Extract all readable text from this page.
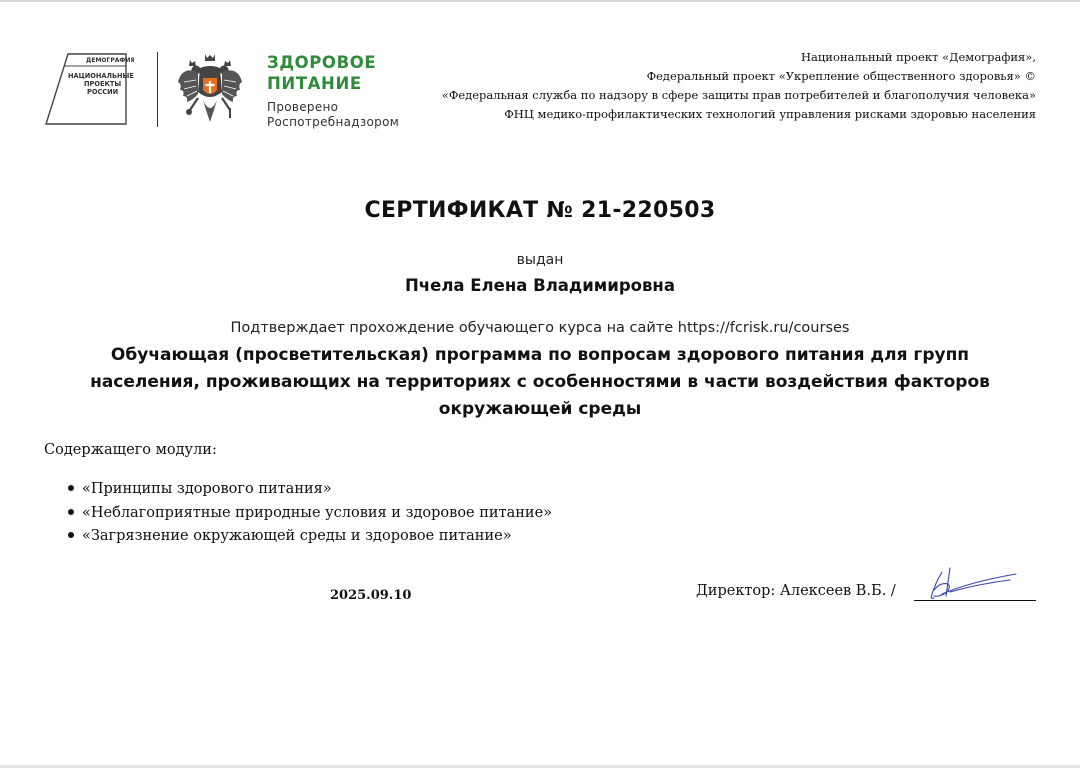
ДЕМОГРАФИЯ
НАЦИОНАЛЬНЫЕ
ПРОЕКТЫ
РОССИИ
ЗДОРОВОЕ
ПИТАНИЕ
Проверено
Роспотребнадзором
Национальный проект «Демография»,
Федеральный проект «Укрепление общественного здоровья» ©
«Федеральная служба по надзору в сфере защиты прав потребителей и благополучия человека»
ФНЦ медико-профилактических технологий управления рисками здоровью населения
СЕРТИФИКАТ № 21-220503
выдан
Пчела Елена Владимировна
Подтверждает прохождение обучающего курса на сайте https://fcrisk.ru/courses
Обучающая (просветительская) программа по вопросам здорового питания для групп
населения, проживающих на территориях с особенностями в части воздействия факторов
окружающей среды
Содержащего модули:
«Принципы здорового питания»
«Неблагоприятные природные условия и здоровое питание»
«Загрязнение окружающей среды и здоровое питание»
2025.09.10	Директор: Алексеев В.Б. /
